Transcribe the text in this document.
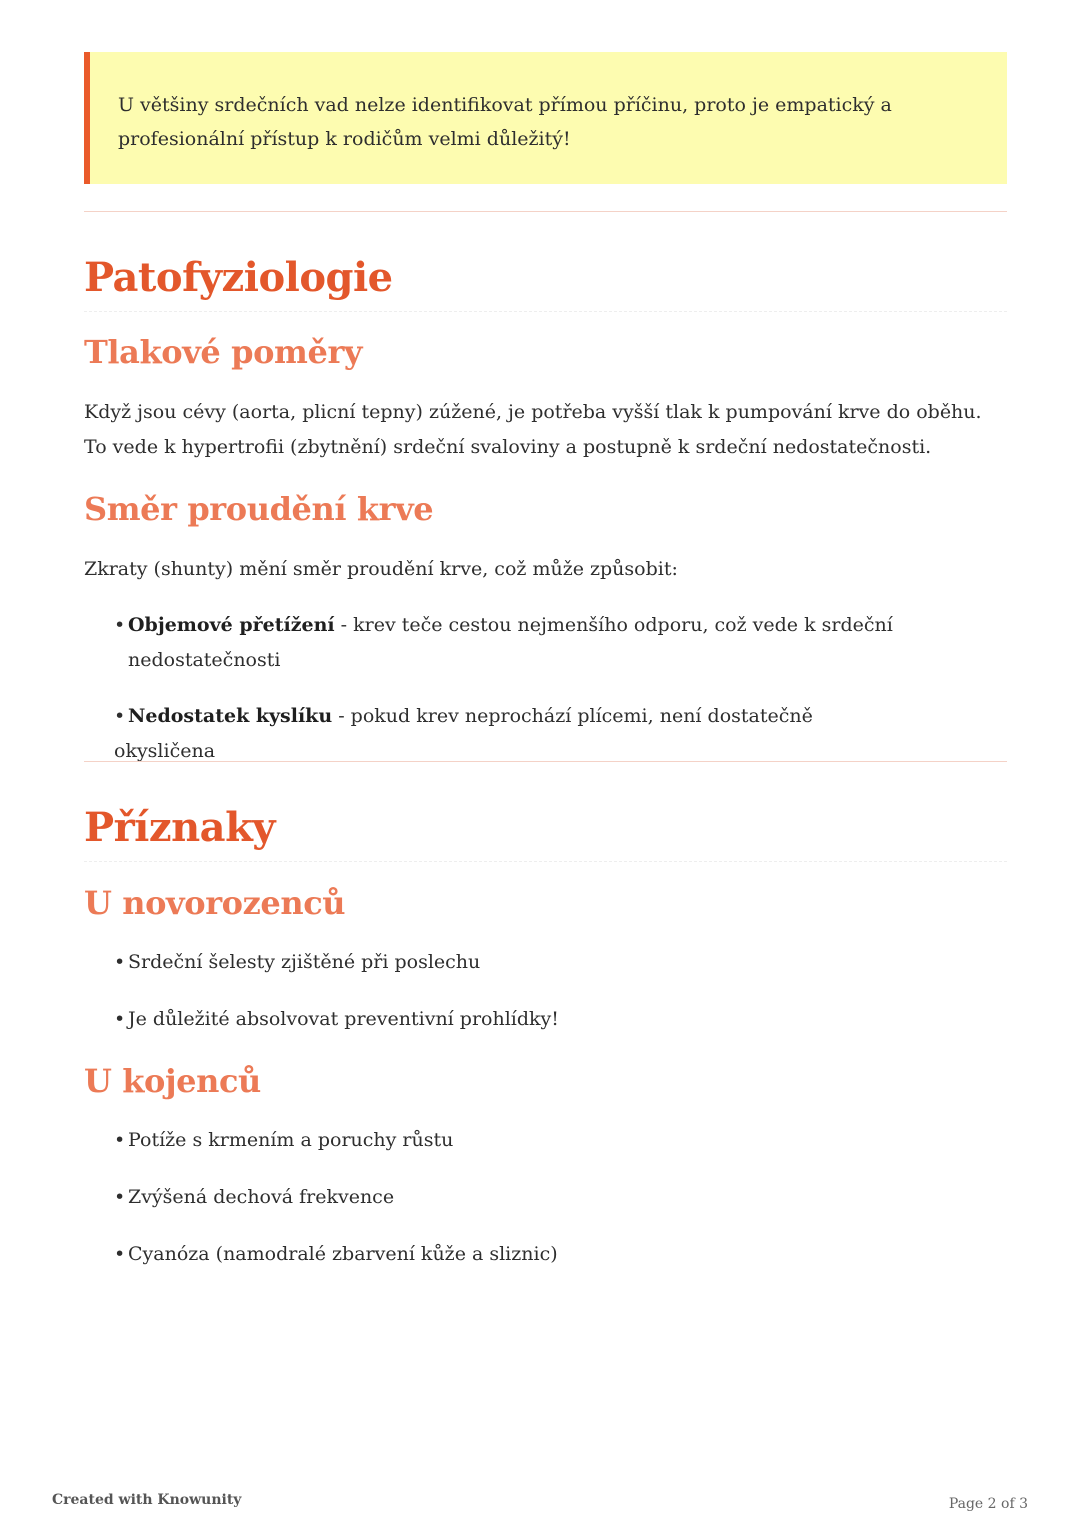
U většiny srdečních vad nelze identifikovat přímou příčinu, proto je empatický a
profesionální přístup k rodičům velmi důležitý!
Patofyziologie
Tlakové poměry
Když jsou cévy (aorta, plicní tepny) zúžené, je potřeba vyšší tlak k pumpování krve do oběhu.
To vede k hypertrofii (zbytnění) srdeční svaloviny a postupně k srdeční nedostatečnosti.
Směr proudění krve
Zkraty (shunty) mění směr proudění krve, což může způsobit:
• Objemové přetížení - krev teče cestou nejmenšího odporu, což vede k srdeční
nedostatečnosti
• Nedostatek kyslíku - pokud krev neprochází plícemi, není dostatečně okysličena
Příznaky
U novorozenců
• Srdeční šelesty zjištěné při poslechu
• Je důležité absolvovat preventivní prohlídky!
U kojenců
• Potíže s krmením a poruchy růstu
• Zvýšená dechová frekvence
• Cyanóza (namodralé zbarvení kůže a sliznic)
Created with Knowunity	Page 2 of 3
